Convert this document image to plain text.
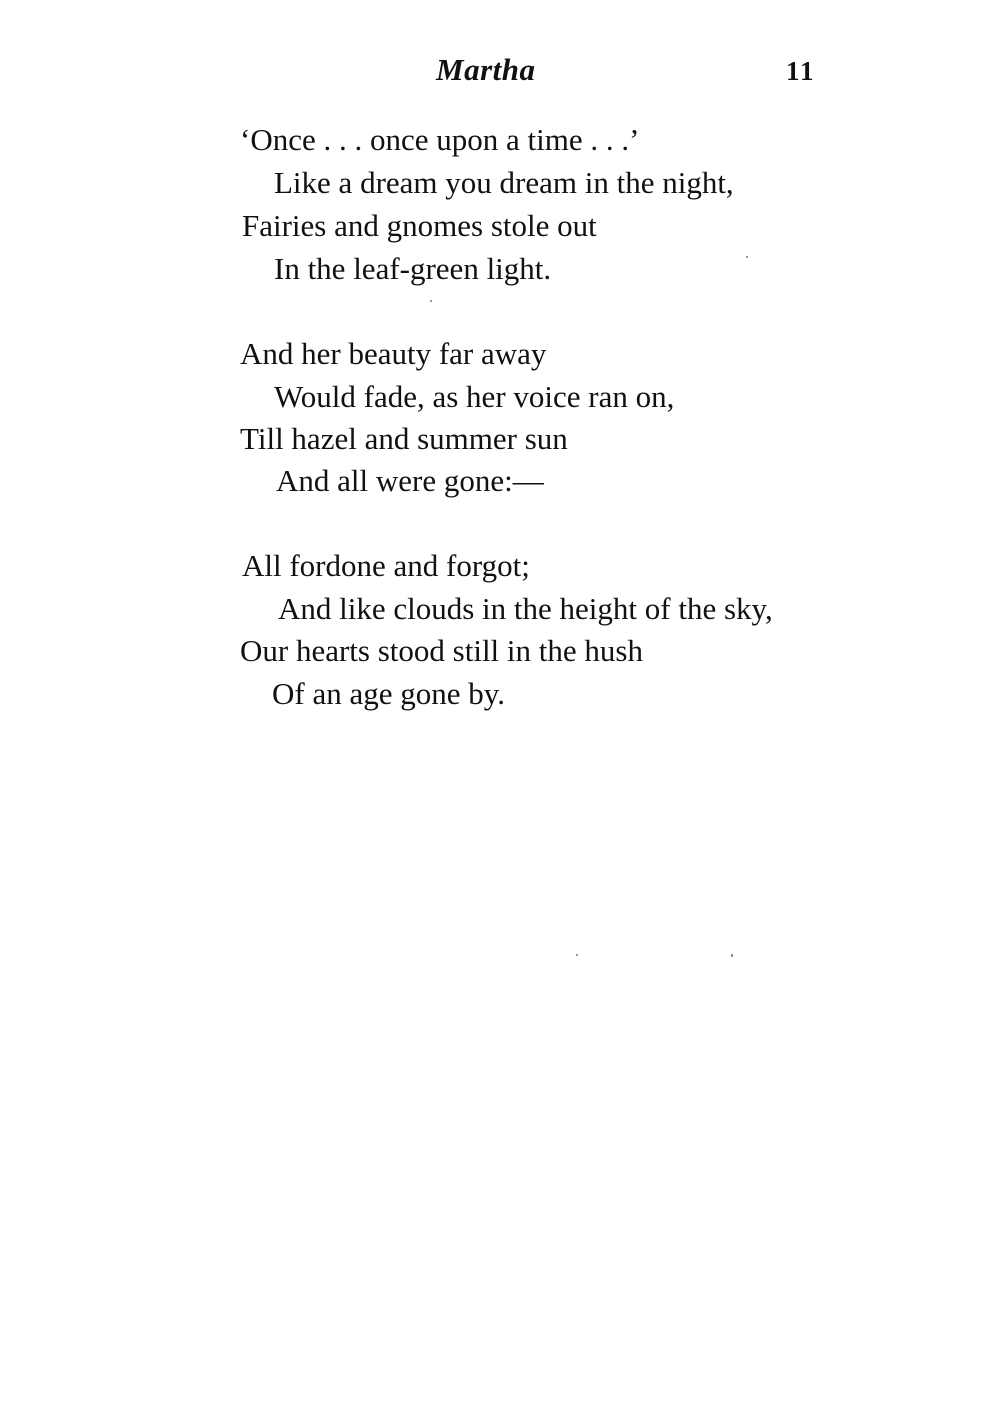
Martha	11
‘Once . . . once upon a time . . .’
Like a dream you dream in the night,
Fairies and gnomes stole out
In the leaf-green light.
And her beauty far away
Would fade, as her voice ran on,
Till hazel and summer sun
And all were gone:—
All fordone and forgot;
And like clouds in the height of the sky,
Our hearts stood still in the hush
Of an age gone by.
